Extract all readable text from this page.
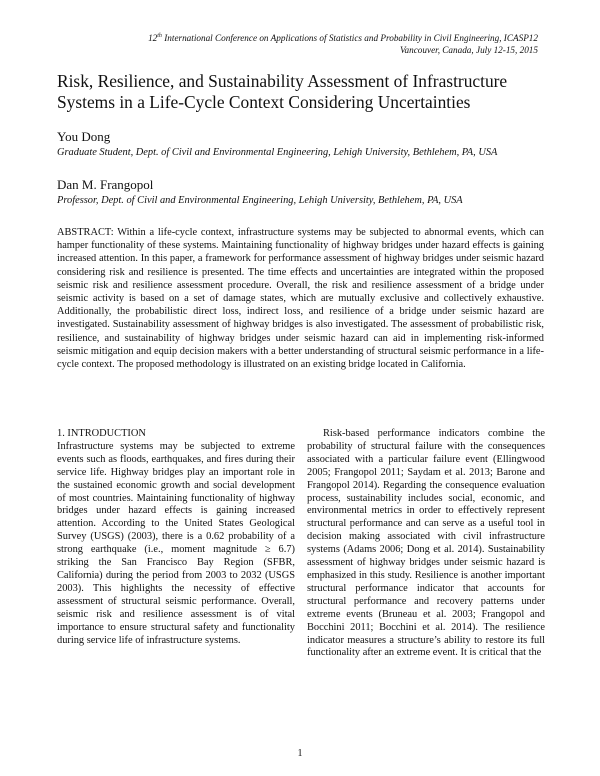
12th International Conference on Applications of Statistics and Probability in Civil Engineering, ICASP12
Vancouver, Canada, July 12-15, 2015
Risk, Resilience, and Sustainability Assessment of Infrastructure Systems in a Life-Cycle Context Considering Uncertainties
You Dong
Graduate Student, Dept. of Civil and Environmental Engineering, Lehigh University, Bethlehem, PA, USA
Dan M. Frangopol
Professor, Dept. of Civil and Environmental Engineering, Lehigh University, Bethlehem, PA, USA
ABSTRACT: Within a life-cycle context, infrastructure systems may be subjected to abnormal events, which can hamper functionality of these systems. Maintaining functionality of highway bridges under hazard effects is gaining increased attention. In this paper, a framework for performance assessment of highway bridges under seismic hazard considering risk and resilience is presented. The time effects and uncertainties are integrated within the proposed seismic risk and resilience assessment procedure. Overall, the risk and resilience assessment of a bridge under seismic activity is based on a set of damage states, which are mutually exclusive and collectively exhaustive. Additionally, the probabilistic direct loss, indirect loss, and resilience of a bridge under seismic hazard are investigated. Sustainability assessment of highway bridges is also investigated. The assessment of probabilistic risk, resilience, and sustainability of highway bridges under seismic hazard can aid in implementing risk-informed seismic mitigation and equip decision makers with a better understanding of structural seismic performance in a life-cycle context. The proposed methodology is illustrated on an existing bridge located in California.

1. INTRODUCTION

Infrastructure systems may be subjected to extreme events such as floods, earthquakes, and fires during their service life. Highway bridges play an important role in the sustained economic growth and social development of most countries. Maintaining functionality of highway bridges under hazard effects is gaining increased attention. According to the United States Geological Survey (USGS) (2003), there is a 0.62 probability of a strong earthquake (i.e., moment magnitude ≥ 6.7) striking the San Francisco Bay Region (SFBR, California) during the period from 2003 to 2032 (USGS 2003). This highlights the necessity of effective assessment of structural seismic performance. Overall, seismic risk and resilience assessment is of vital importance to ensure structural safety and functionality during service life of infrastructure systems.

Risk-based performance indicators combine the probability of structural failure with the consequences associated with a particular failure event (Ellingwood 2005; Frangopol 2011; Saydam et al. 2013; Barone and Frangopol 2014). Regarding the consequence evaluation process, sustainability includes social, economic, and environmental metrics in order to effectively represent structural performance and can serve as a useful tool in decision making associated with civil infrastructure systems (Adams 2006; Dong et al. 2014). Sustainability assessment of highway bridges under seismic hazard is emphasized in this study. Resilience is another important structural performance indicator that accounts for structural performance and recovery patterns under extreme events (Bruneau et al. 2003; Frangopol and Bocchini 2011; Bocchini et al. 2014). The resilience indicator measures a structure’s ability to restore its full functionality after an extreme event. It is critical that the

1
